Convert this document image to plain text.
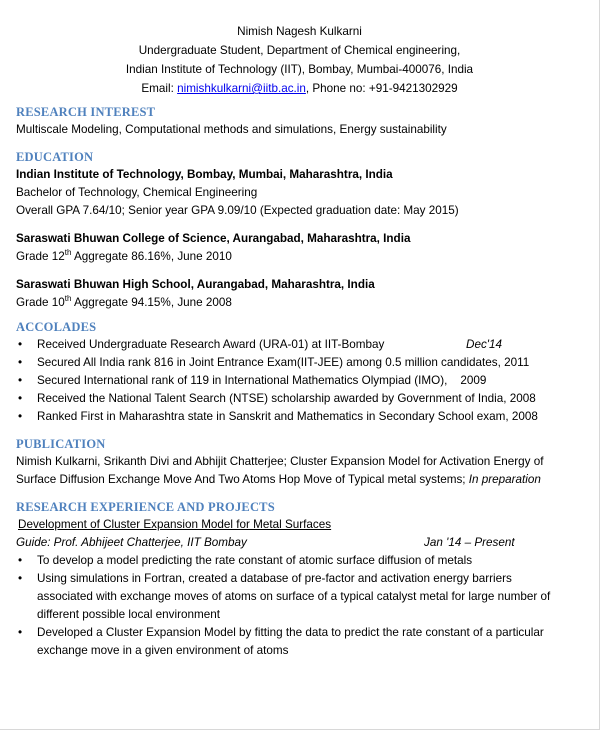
Nimish Nagesh Kulkarni
Undergraduate Student, Department of Chemical engineering,
Indian Institute of Technology (IIT), Bombay, Mumbai-400076, India
Email: nimishkulkarni@iitb.ac.in, Phone no: +91-9421302929
RESEARCH INTEREST
Multiscale Modeling, Computational methods and simulations, Energy sustainability
EDUCATION
Indian Institute of Technology, Bombay, Mumbai, Maharashtra, India
Bachelor of Technology, Chemical Engineering
Overall GPA 7.64/10; Senior year GPA 9.09/10 (Expected graduation date: May 2015)
Saraswati Bhuwan College of Science, Aurangabad, Maharashtra, India
Grade 12th Aggregate 86.16%, June 2010
Saraswati Bhuwan High School, Aurangabad, Maharashtra, India
Grade 10th Aggregate 94.15%, June 2008
ACCOLADES
• Received Undergraduate Research Award (URA-01) at IIT-Bombay	Dec'14
• Secured All India rank 816 in Joint Entrance Exam(IIT-JEE) among 0.5 million candidates, 2011
• Secured International rank of 119 in International Mathematics Olympiad (IMO),    2009
• Received the National Talent Search (NTSE) scholarship awarded by Government of India, 2008
• Ranked First in Maharashtra state in Sanskrit and Mathematics in Secondary School exam, 2008
PUBLICATION
Nimish Kulkarni, Srikanth Divi and Abhijit Chatterjee; Cluster Expansion Model for Activation Energy of
Surface Diffusion Exchange Move And Two Atoms Hop Move of Typical metal systems; In preparation
RESEARCH EXPERIENCE AND PROJECTS
Development of Cluster Expansion Model for Metal Surfaces
Guide: Prof. Abhijeet Chatterjee, IIT Bombay	Jan '14 – Present
• To develop a model predicting the rate constant of atomic surface diffusion of metals
• Using simulations in Fortran, created a database of pre-factor and activation energy barriers
associated with exchange moves of atoms on surface of a typical catalyst metal for large number of
different possible local environment
• Developed a Cluster Expansion Model by fitting the data to predict the rate constant of a particular
exchange move in a given environment of atoms
